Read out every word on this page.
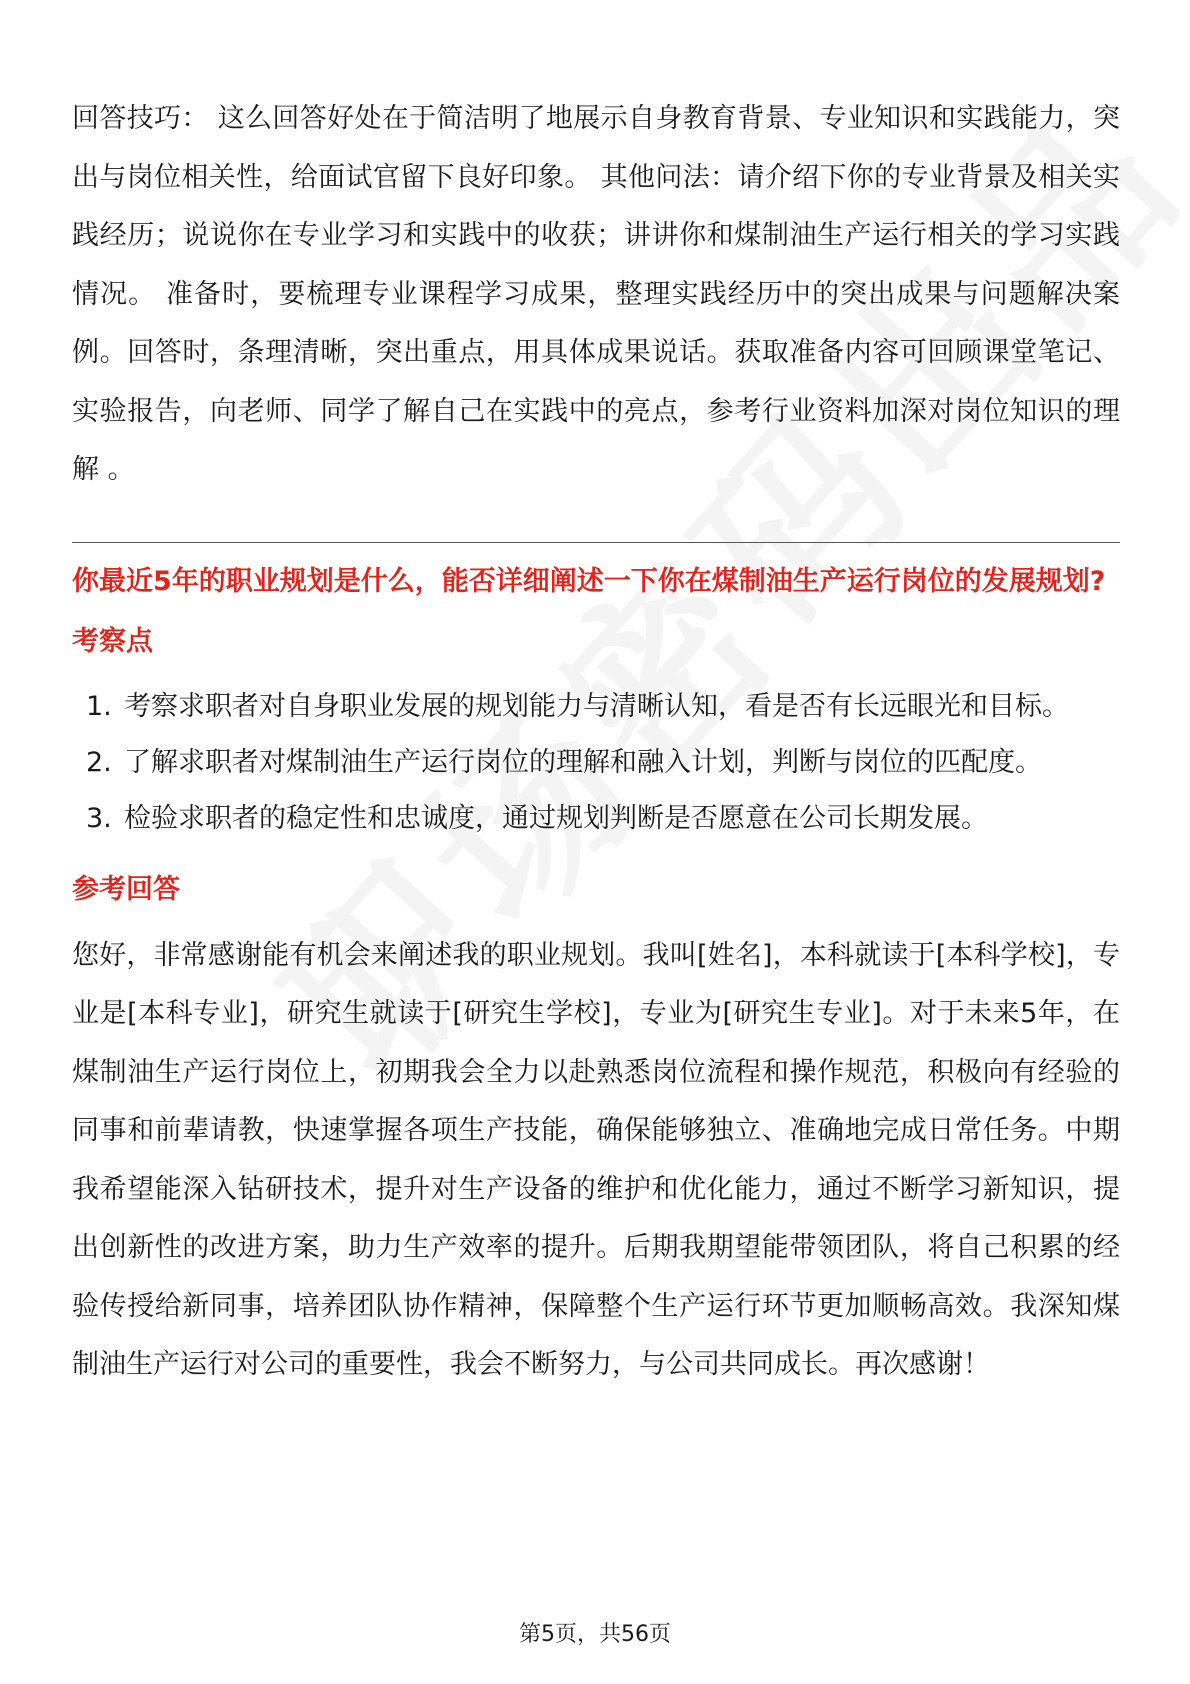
回答技巧： 这么回答好处在于简洁明了地展示自身教育背景、专业知识和实践能力，突出与岗位相关性，给面试官留下良好印象。 其他问法：请介绍下你的专业背景及相关实践经历；说说你在专业学习和实践中的收获；讲讲你和煤制油生产运行相关的学习实践情况。 准备时，要梳理专业课程学习成果，整理实践经历中的突出成果与问题解决案例。回答时，条理清晰，突出重点，用具体成果说话。获取准备内容可回顾课堂笔记、实验报告，向老师、同学了解自己在实践中的亮点，参考行业资料加深对岗位知识的理解 。

你最近5年的职业规划是什么，能否详细阐述一下你在煤制油生产运行岗位的发展规划?
考察点
1. 考察求职者对自身职业发展的规划能力与清晰认知，看是否有长远眼光和目标。
2. 了解求职者对煤制油生产运行岗位的理解和融入计划，判断与岗位的匹配度。
3. 检验求职者的稳定性和忠诚度，通过规划判断是否愿意在公司长期发展。
参考回答

您好，非常感谢能有机会来阐述我的职业规划。我叫[姓名]，本科就读于[本科学校]，专业是[本科专业]，研究生就读于[研究生学校]，专业为[研究生专业]。对于未来5年，在煤制油生产运行岗位上，初期我会全力以赴熟悉岗位流程和操作规范，积极向有经验的同事和前辈请教，快速掌握各项生产技能，确保能够独立、准确地完成日常任务。中期我希望能深入钻研技术，提升对生产设备的维护和优化能力，通过不断学习新知识，提出创新性的改进方案，助力生产效率的提升。后期我期望能带领团队，将自己积累的经验传授给新同事，培养团队协作精神，保障整个生产运行环节更加顺畅高效。我深知煤制油生产运行对公司的重要性，我会不断努力，与公司共同成长。再次感谢！

第5页，共56页
